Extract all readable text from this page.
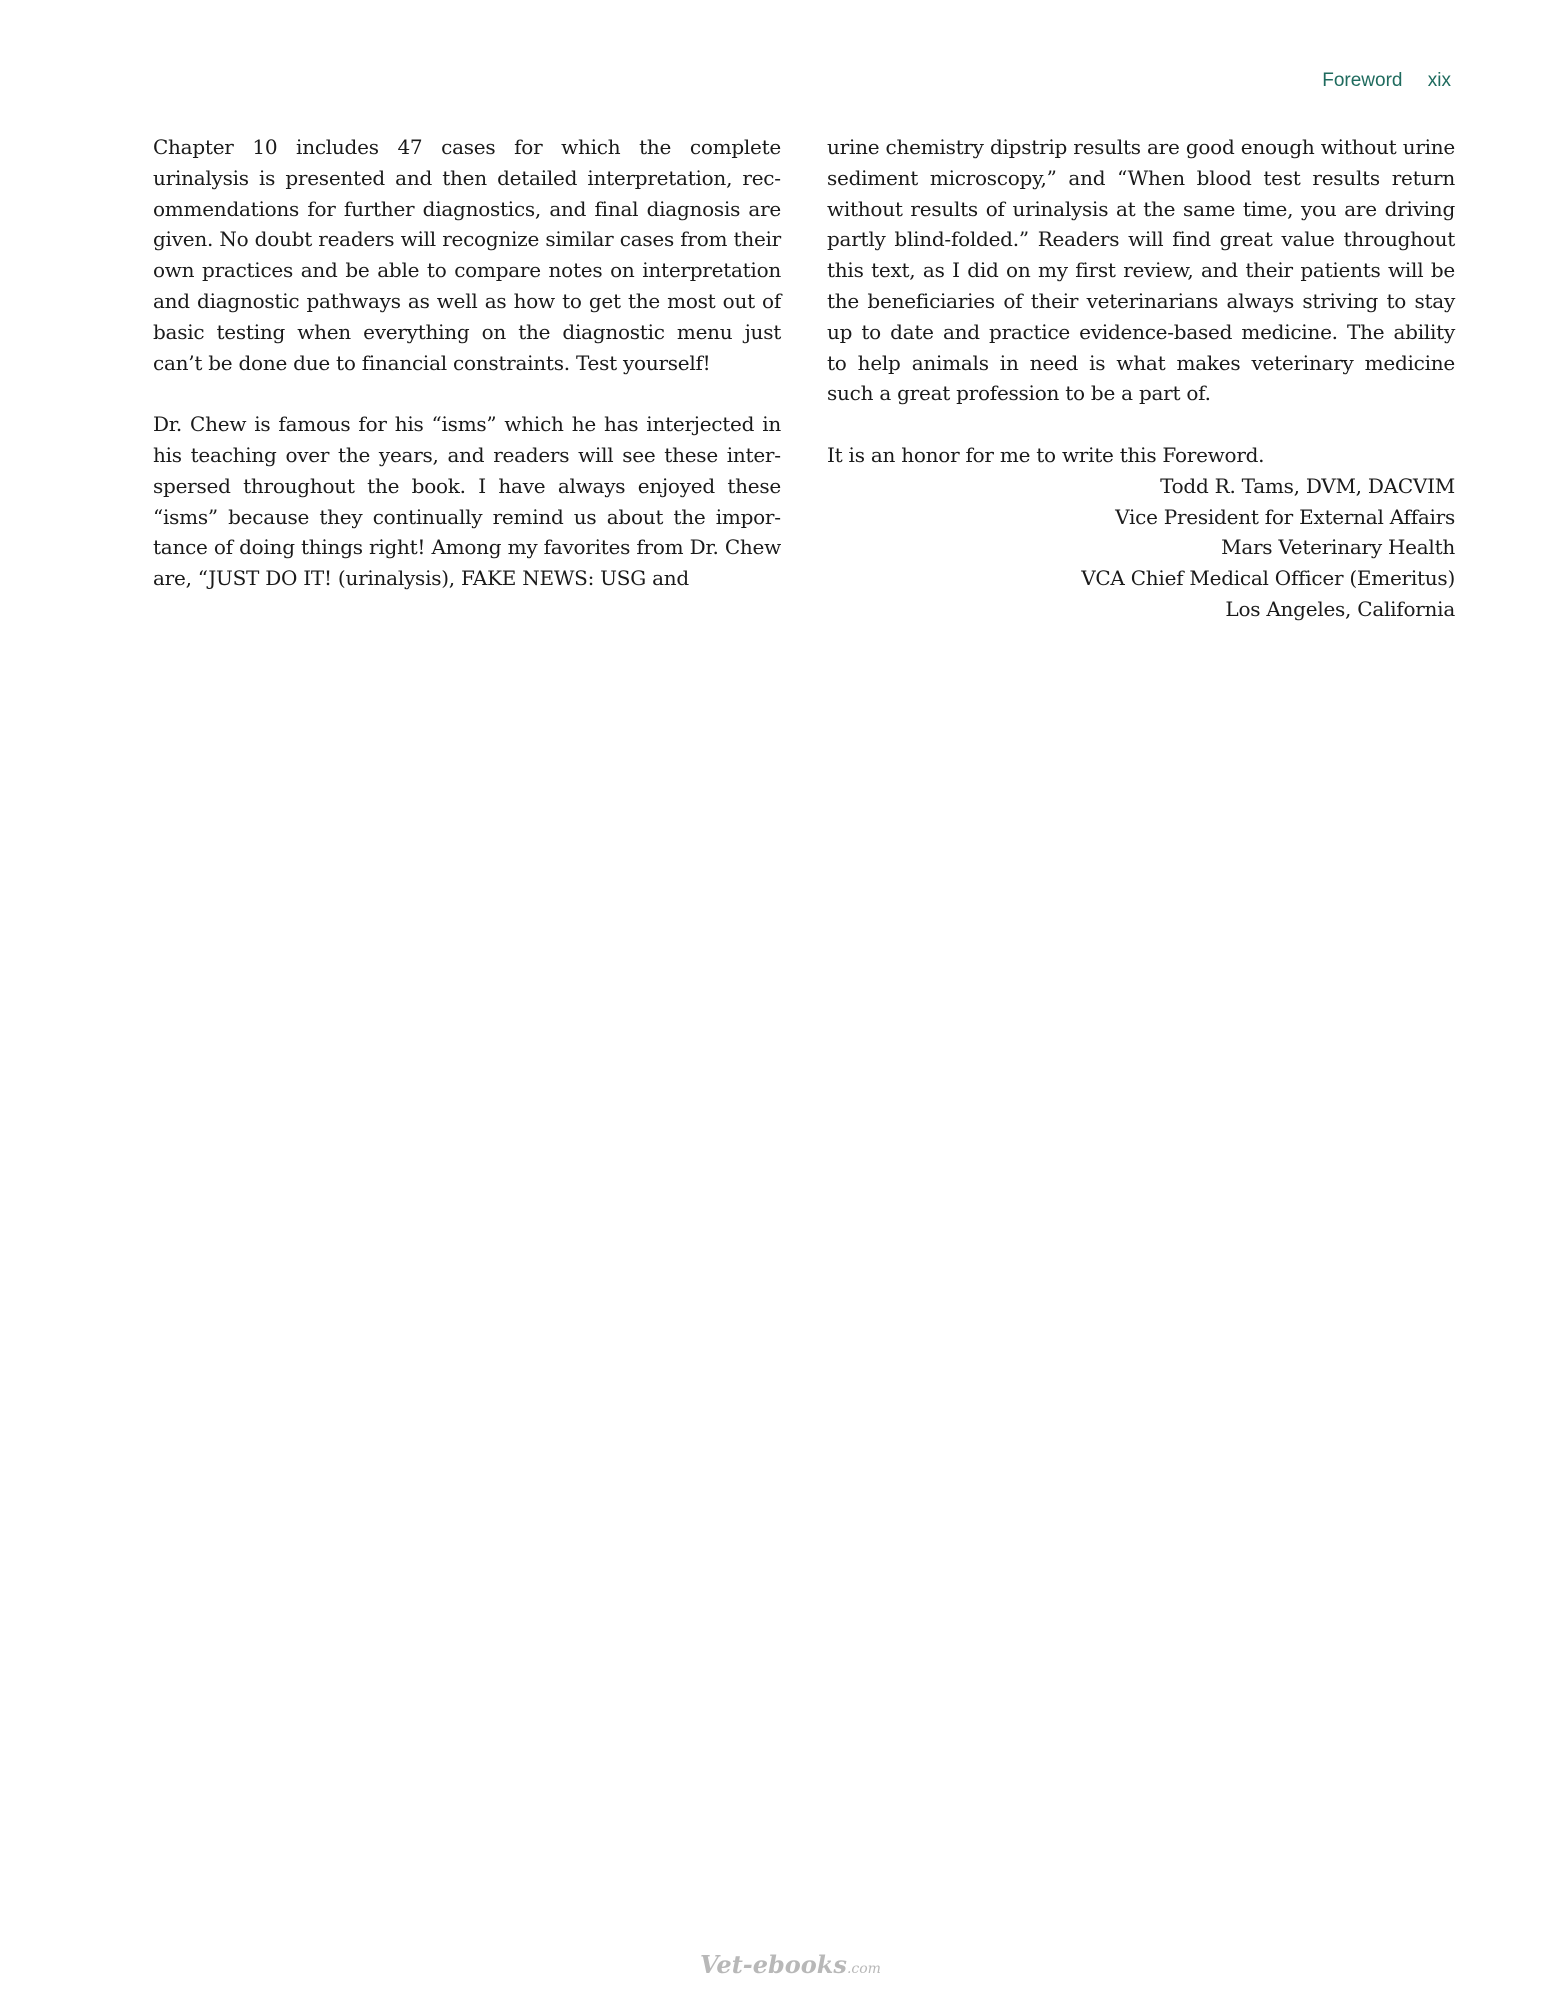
Foreword xix

Chapter 10 includes 47 cases for which the complete urinalysis is presented and then detailed interpretation, recommendations for further diagnostics, and final diagnosis are given. No doubt readers will recognize similar cases from their own practices and be able to compare notes on interpretation and diagnostic pathways as well as how to get the most out of basic testing when everything on the diagnostic menu just can’t be done due to financial constraints. Test yourself!

Dr. Chew is famous for his “isms” which he has interjected in his teaching over the years, and readers will see these interspersed throughout the book. I have always enjoyed these “isms” because they continually remind us about the importance of doing things right! Among my favorites from Dr. Chew are, “JUST DO IT! (urinalysis), FAKE NEWS: USG and

urine chemistry dipstrip results are good enough without urine sediment microscopy,” and “When blood test results return without results of urinalysis at the same time, you are driving partly blind-folded.” Readers will find great value throughout this text, as I did on my first review, and their patients will be the beneficiaries of their veterinarians always striving to stay up to date and practice evidence-based medicine. The ability to help animals in need is what makes veterinary medicine such a great profession to be a part of.

It is an honor for me to write this Foreword.

Todd R. Tams, DVM, DACVIM
Vice President for External Affairs
Mars Veterinary Health
VCA Chief Medical Officer (Emeritus)
Los Angeles, California
Vet-ebooks.com
